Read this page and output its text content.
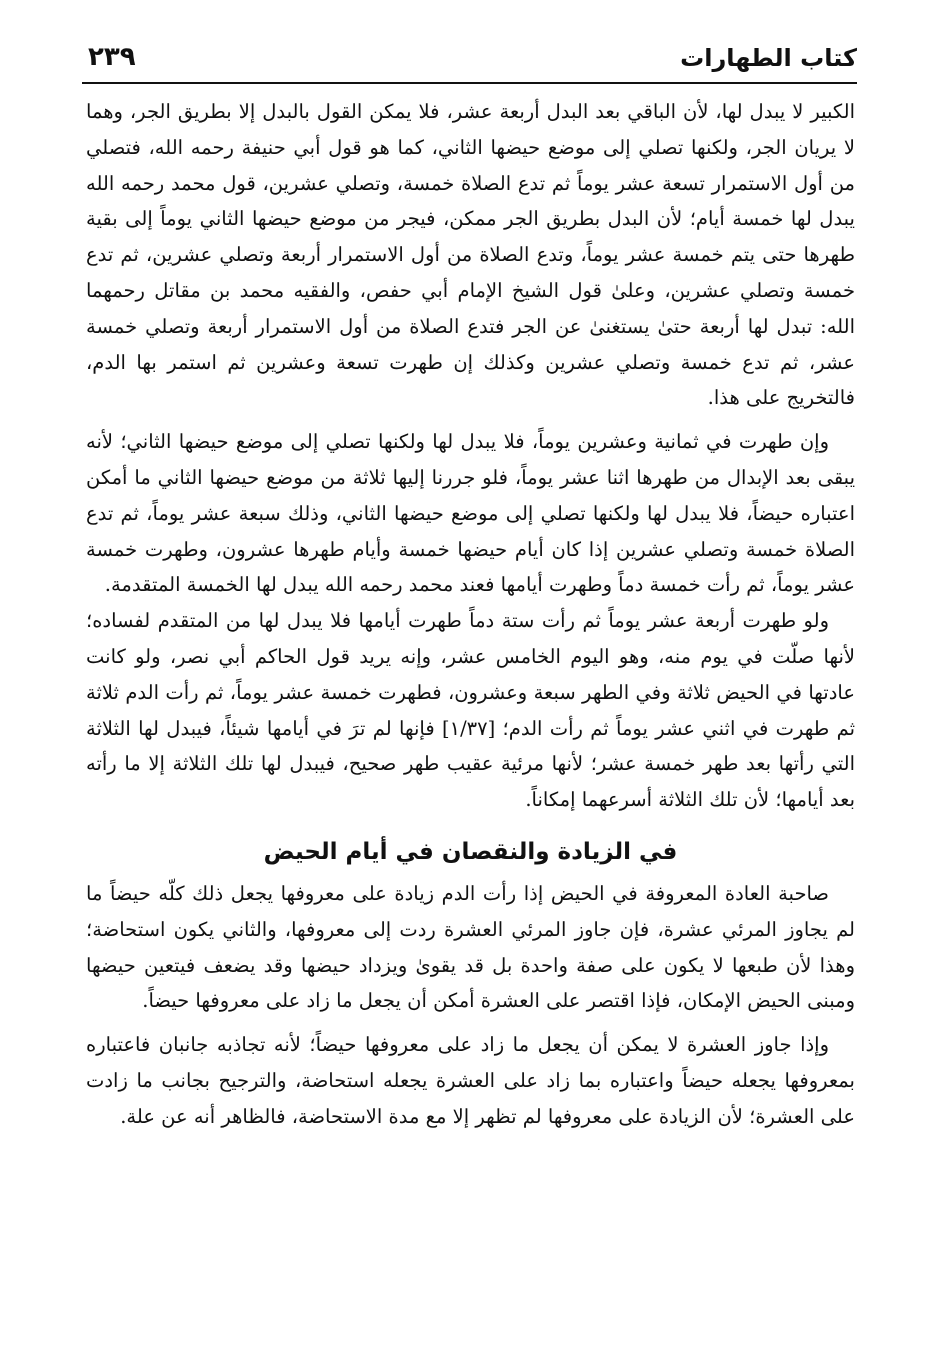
كتاب الطهارات
٢٣٩

الكبير لا يبدل لها، لأن الباقي بعد البدل أربعة عشر، فلا يمكن القول بالبدل إلا بطريق الجر، وهما لا يريان الجر، ولكنها تصلي إلى موضع حيضها الثاني، كما هو قول أبي حنيفة رحمه الله، فتصلي من أول الاستمرار تسعة عشر يوماً ثم تدع الصلاة خمسة، وتصلي عشرين، قول محمد رحمه الله يبدل لها خمسة أيام؛ لأن البدل بطريق الجر ممكن، فيجر من موضع حيضها الثاني يوماً إلى بقية طهرها حتى يتم خمسة عشر يوماً، وتدع الصلاة من أول الاستمرار أربعة وتصلي عشرين، ثم تدع خمسة وتصلي عشرين، وعلىٰ قول الشيخ الإمام أبي حفص، والفقيه محمد بن مقاتل رحمهما الله: تبدل لها أربعة حتىٰ يستغنىٰ عن الجر فتدع الصلاة من أول الاستمرار أربعة وتصلي خمسة عشر، ثم تدع خمسة وتصلي عشرين وكذلك إن طهرت تسعة وعشرين ثم استمر بها الدم، فالتخريج على هذا.

وإن طهرت في ثمانية وعشرين يوماً، فلا يبدل لها ولكنها تصلي إلى موضع حيضها الثاني؛ لأنه يبقى بعد الإبدال من طهرها اثنا عشر يوماً، فلو جررنا إليها ثلاثة من موضع حيضها الثاني ما أمكن اعتباره حيضاً، فلا يبدل لها ولكنها تصلي إلى موضع حيضها الثاني، وذلك سبعة عشر يوماً، ثم تدع الصلاة خمسة وتصلي عشرين إذا كان أيام حيضها خمسة وأيام طهرها عشرون، وطهرت خمسة عشر يوماً، ثم رأت خمسة دماً وطهرت أيامها فعند محمد رحمه الله يبدل لها الخمسة المتقدمة.

ولو طهرت أربعة عشر يوماً ثم رأت ستة دماً طهرت أيامها فلا يبدل لها من المتقدم لفساده؛ لأنها صلّت في يوم منه، وهو اليوم الخامس عشر، وإنه يريد قول الحاكم أبي نصر، ولو كانت عادتها في الحيض ثلاثة وفي الطهر سبعة وعشرون، فطهرت خمسة عشر يوماً، ثم رأت الدم ثلاثة ثم طهرت في اثني عشر يوماً ثم رأت الدم؛ [١/٣٧] فإنها لم ترَ في أيامها شيئاً، فيبدل لها الثلاثة التي رأتها بعد طهر خمسة عشر؛ لأنها مرئية عقيب طهر صحيح، فيبدل لها تلك الثلاثة إلا ما رأته بعد أيامها؛ لأن تلك الثلاثة أسرعهما إمكاناً.

في الزيادة والنقصان في أيام الحيض

صاحبة العادة المعروفة في الحيض إذا رأت الدم زيادة على معروفها يجعل ذلك كلّه حيضاً ما لم يجاوز المرئي عشرة، فإن جاوز المرئي العشرة ردت إلى معروفها، والثاني يكون استحاضة؛ وهذا لأن طبعها لا يكون على صفة واحدة بل قد يقوىٰ ويزداد حيضها وقد يضعف فيتعين حيضها ومبنى الحيض الإمكان، فإذا اقتصر على العشرة أمكن أن يجعل ما زاد على معروفها حيضاً.

وإذا جاوز العشرة لا يمكن أن يجعل ما زاد على معروفها حيضاً؛ لأنه تجاذبه جانبان فاعتباره بمعروفها يجعله حيضاً واعتباره بما زاد على العشرة يجعله استحاضة، والترجيح بجانب ما زادت على العشرة؛ لأن الزيادة على معروفها لم تظهر إلا مع مدة الاستحاضة، فالظاهر أنه عن علة.
